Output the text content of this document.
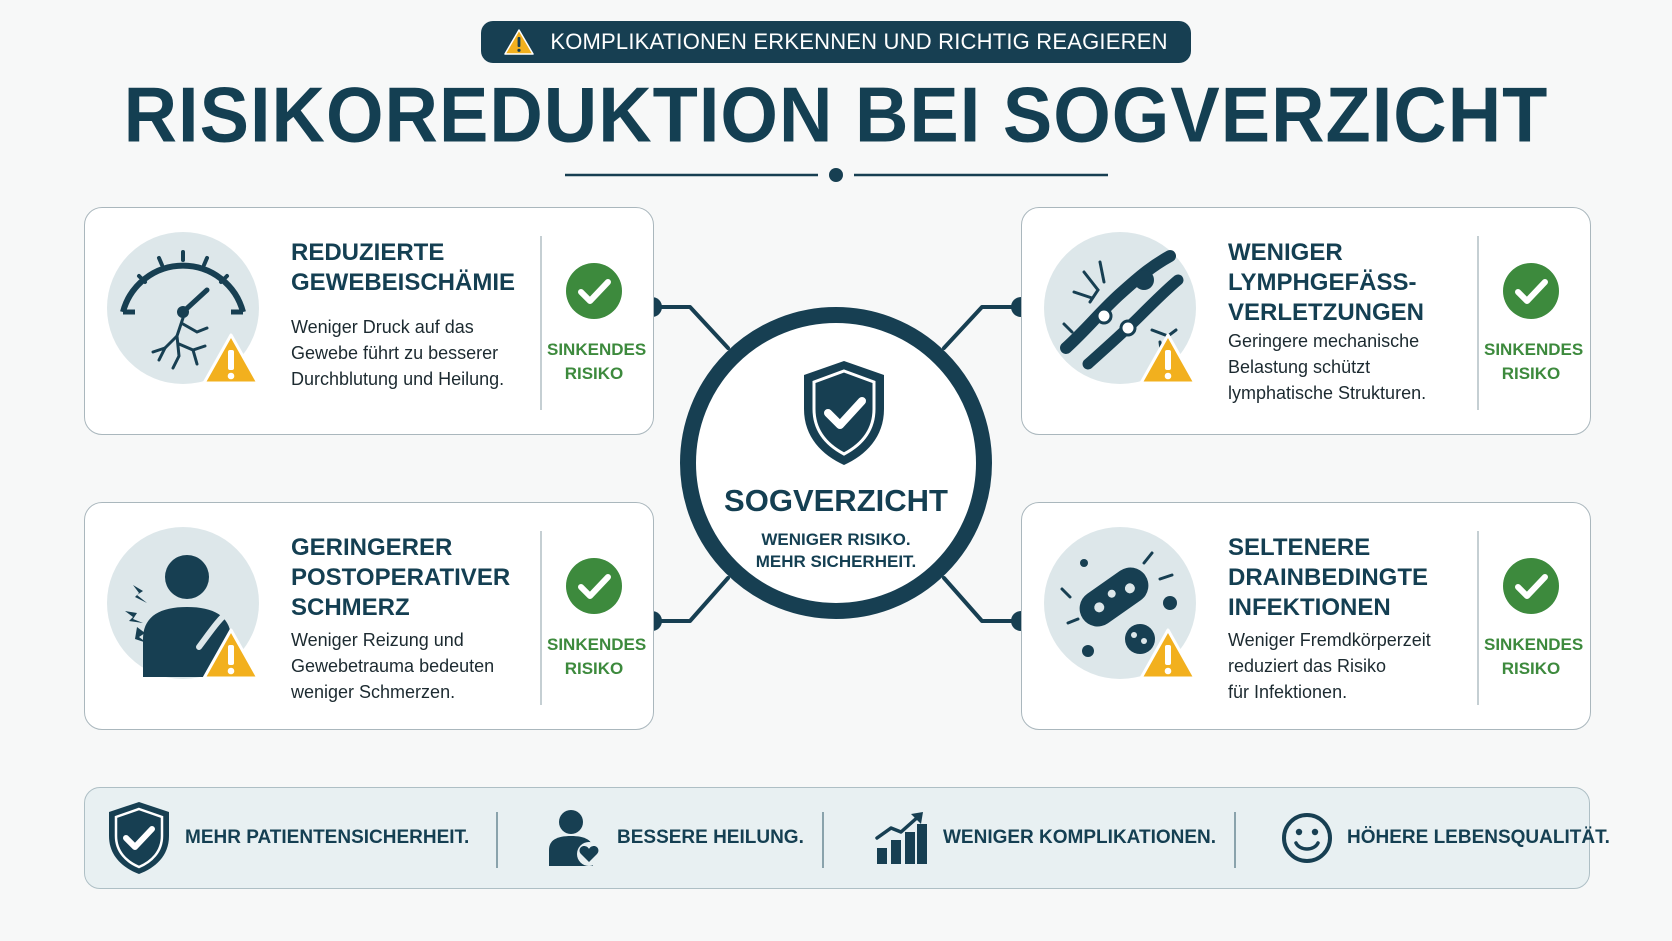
KOMPLIKATIONEN ERKENNEN UND RICHTIG REAGIEREN
RISIKOREDUKTION BEI SOGVERZICHT
REDUZIERTE
GEWEBEISCHÄMIE
Weniger Druck auf das
Gewebe führt zu besserer
Durchblutung und Heilung.
SINKENDES
RISIKO
WENIGER
LYMPHGEFÄSS-
VERLETZUNGEN
Geringere mechanische
Belastung schützt
lymphatische Strukturen.
SINKENDES
RISIKO
GERINGERER
POSTOPERATIVER
SCHMERZ
Weniger Reizung und
Gewebetrauma bedeuten
weniger Schmerzen.
SINKENDES
RISIKO
SELTENERE
DRAINBEDINGTE
INFEKTIONEN
Weniger Fremdkörperzeit
reduziert das Risiko
für Infektionen.
SINKENDES
RISIKO
SOGVERZICHT
WENIGER RISIKO.
MEHR SICHERHEIT.
MEHR PATIENTENSICHERHEIT.	BESSERE HEILUNG.	WENIGER KOMPLIKATIONEN.	HÖHERE LEBENSQUALITÄT.
